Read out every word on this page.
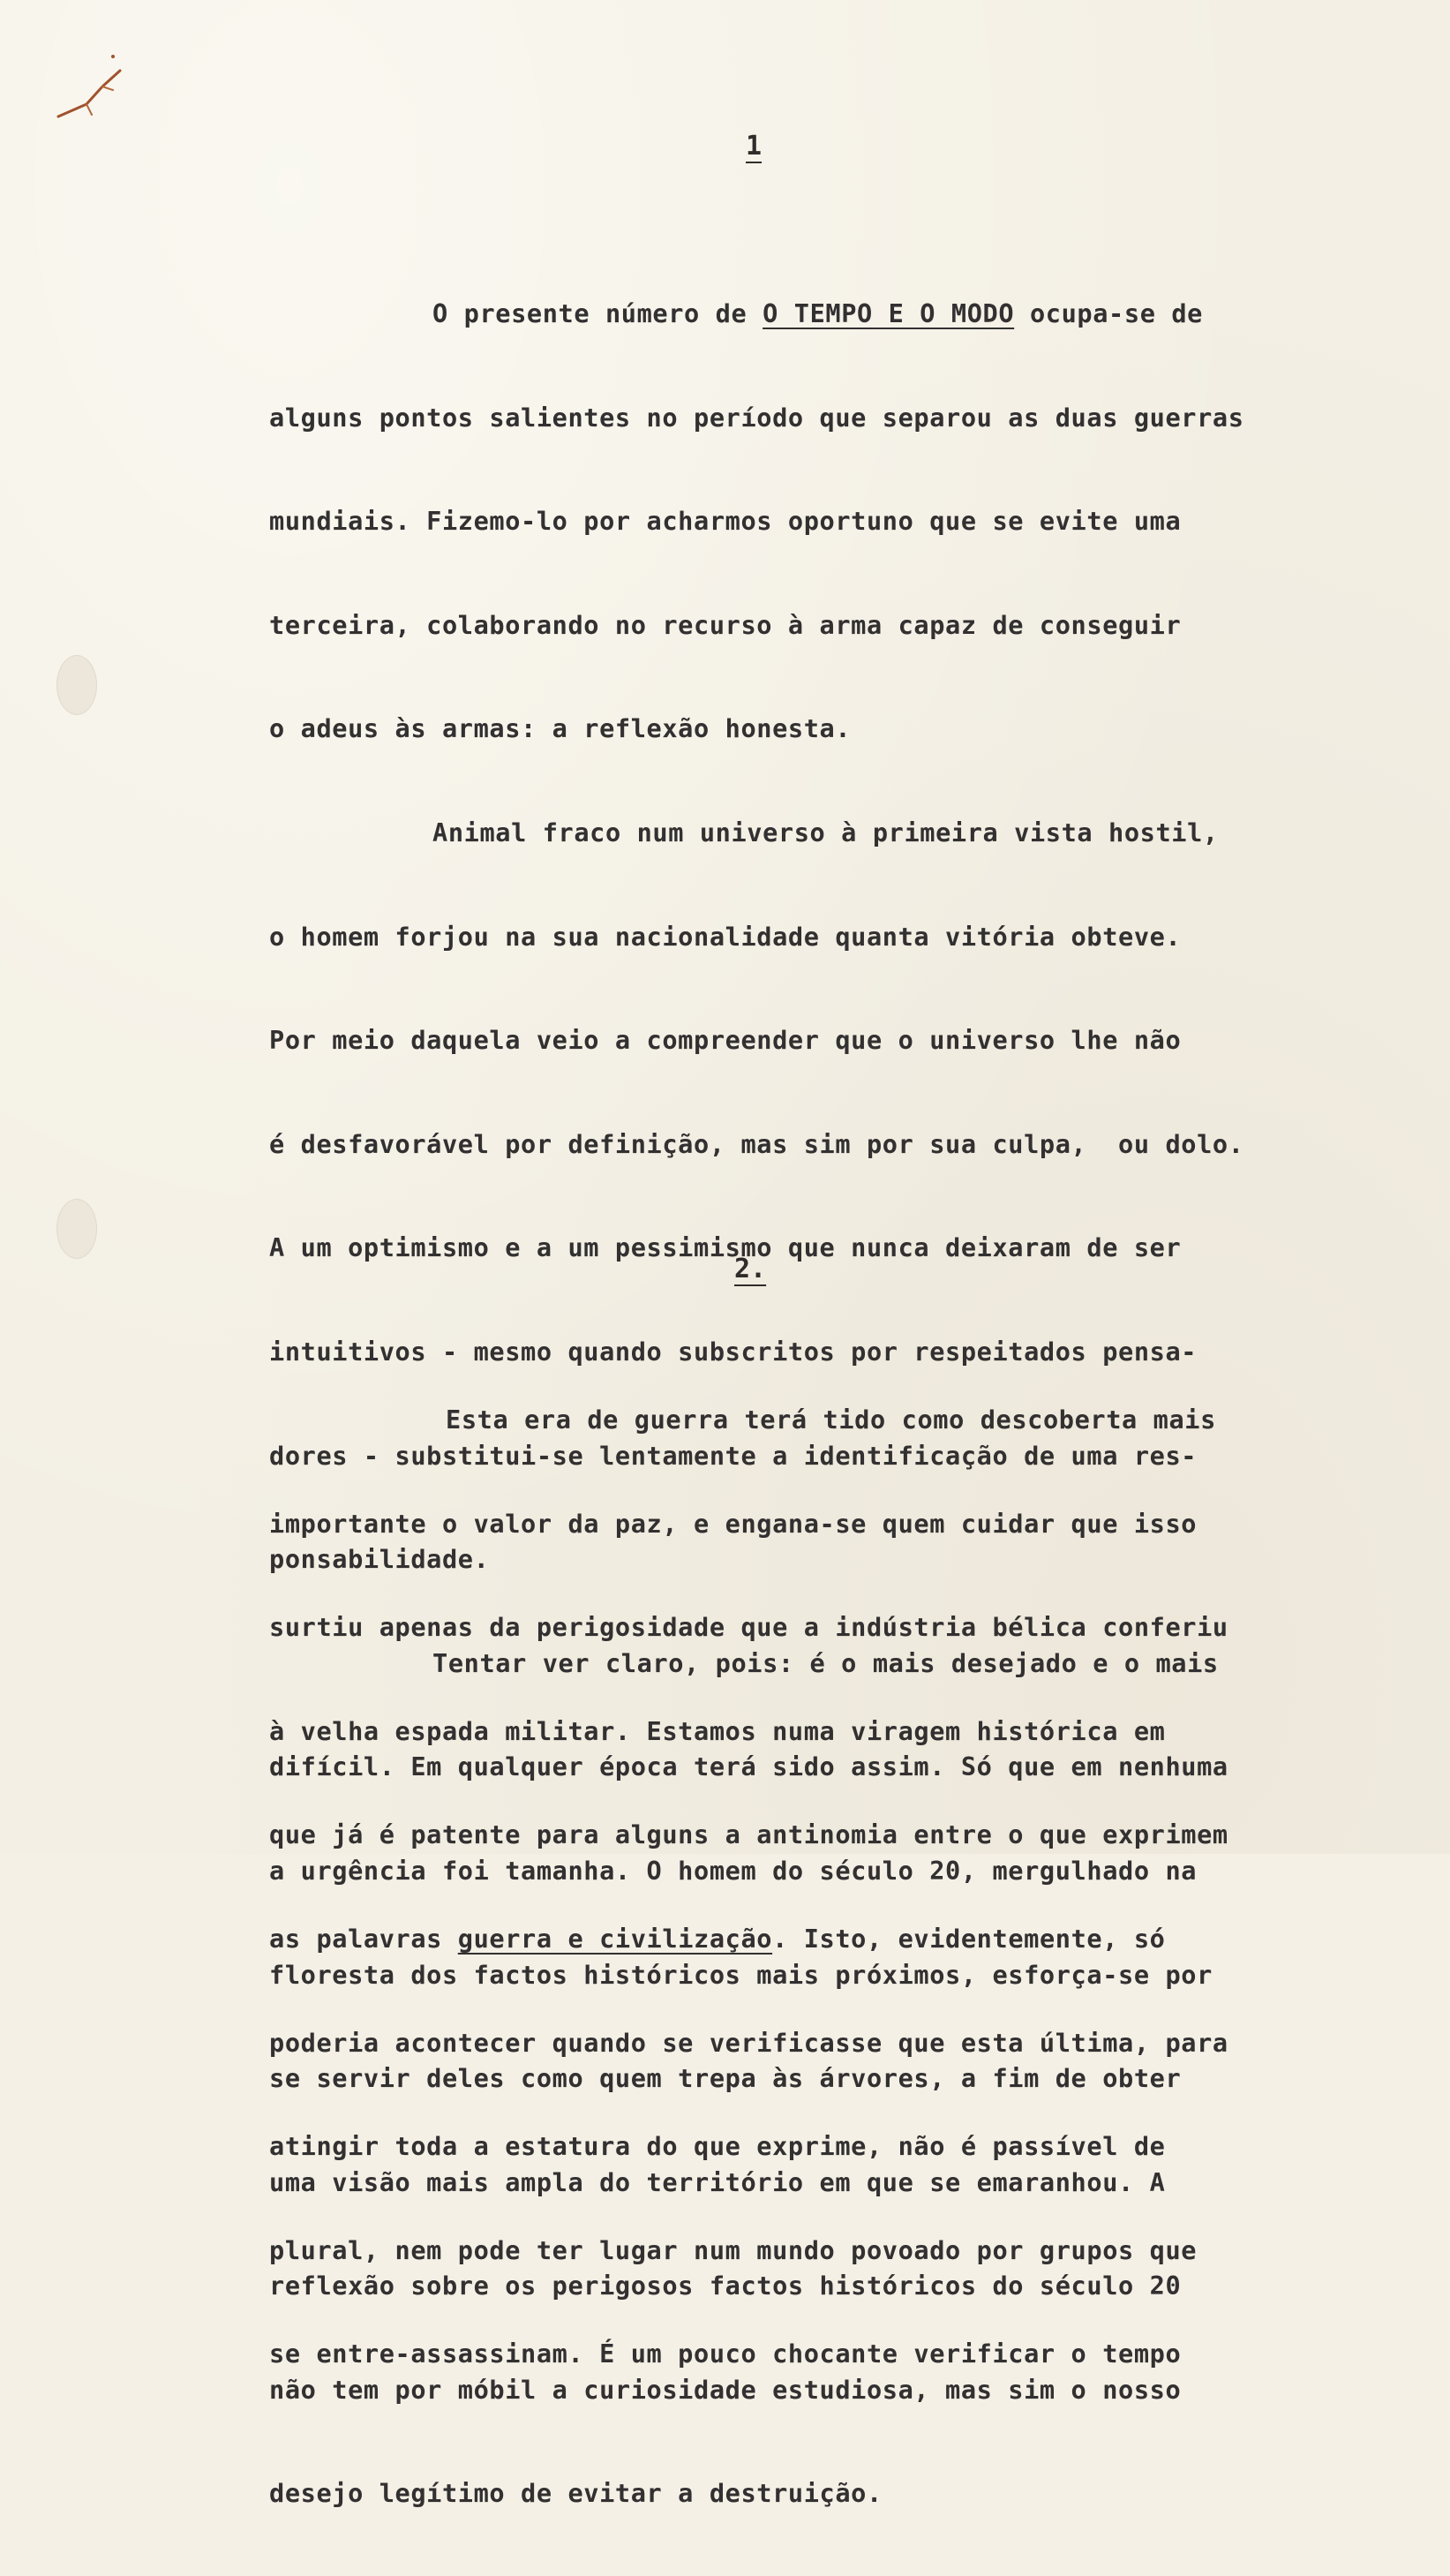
1

O presente número de O TEMPO E O MODO ocupa-se de

alguns pontos salientes no período que separou as duas guerras

mundiais. Fizemo-lo por acharmos oportuno que se evite uma

terceira, colaborando no recurso à arma capaz de conseguir

o adeus às armas: a reflexão honesta.

Animal fraco num universo à primeira vista hostil,

o homem forjou na sua nacionalidade quanta vitória obteve.

Por meio daquela veio a compreender que o universo lhe não

é desfavorável por definição, mas sim por sua culpa,  ou dolo.

A um optimismo e a um pessimismo que nunca deixaram de ser

intuitivos - mesmo quando subscritos por respeitados pensa-

dores - substitui-se lentamente a identificação de uma res-

ponsabilidade.

Tentar ver claro, pois: é o mais desejado e o mais

difícil. Em qualquer época terá sido assim. Só que em nenhuma

a urgência foi tamanha. O homem do século 20, mergulhado na

floresta dos factos históricos mais próximos, esforça-se por

se servir deles como quem trepa às árvores, a fim de obter

uma visão mais ampla do território em que se emaranhou. A

reflexão sobre os perigosos factos históricos do século 20

não tem por móbil a curiosidade estudiosa, mas sim o nosso

desejo legítimo de evitar a destruição.

2.

Esta era de guerra terá tido como descoberta mais

importante o valor da paz, e engana-se quem cuidar que isso

surtiu apenas da perigosidade que a indústria bélica conferiu

à velha espada militar. Estamos numa viragem histórica em

que já é patente para alguns a antinomia entre o que exprimem

as palavras guerra e civilização. Isto, evidentemente, só

poderia acontecer quando se verificasse que esta última, para

atingir toda a estatura do que exprime, não é passível de

plural, nem pode ter lugar num mundo povoado por grupos que

se entre-assassinam. É um pouco chocante verificar o tempo
